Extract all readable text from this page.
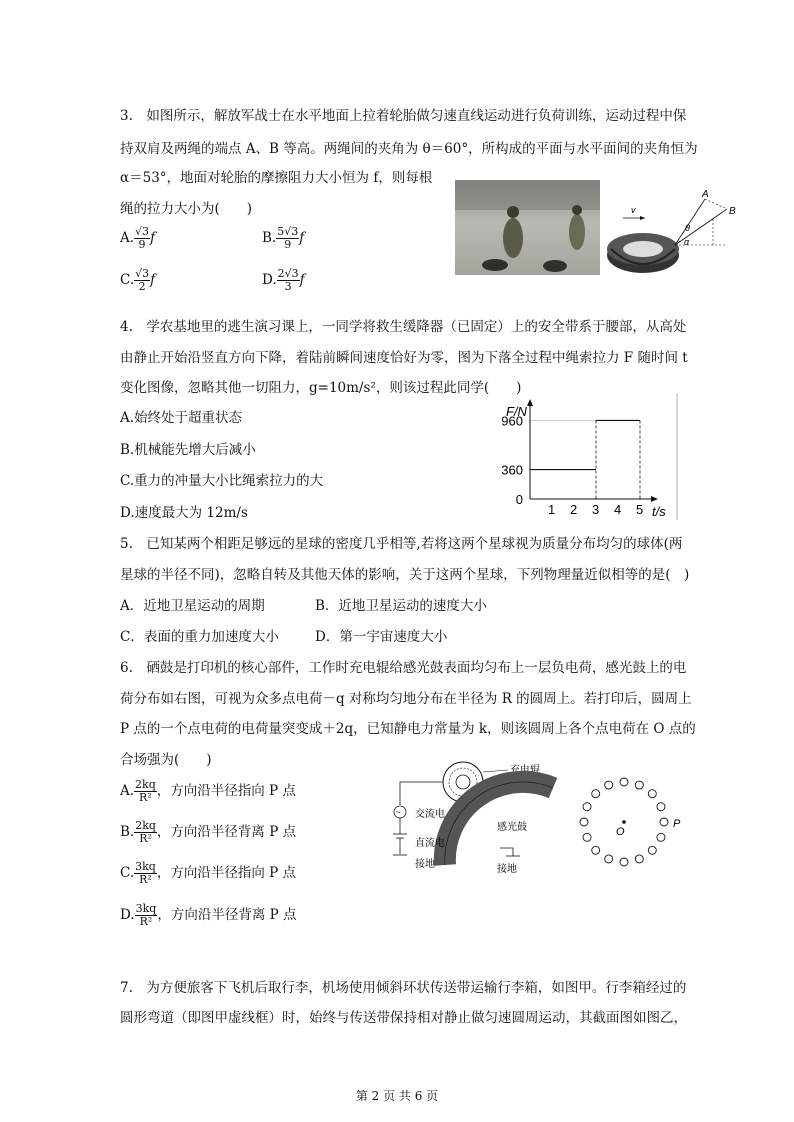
3.　如图所示，解放军战士在水平地面上拉着轮胎做匀速直线运动进行负荷训练，运动过程中保
持双肩及两绳的端点 A、B 等高。两绳间的夹角为 θ＝60°，所构成的平面与水平面间的夹角恒为
α＝53°，地面对轮胎的摩擦阻力大小恒为 f，则每根
绳的拉力大小为(　　)
A. $\frac{√3}{9}$ f	B. $\frac{5√3}{9}$ f
C. $\frac{√3}{2}$ f	D. $\frac{2√3}{3}$ f
v
A
B
θ
α
4.　学农基地里的逃生演习课上，一同学将救生缓降器（已固定）上的安全带系于腰部，从高处
由静止开始沿竖直方向下降，着陆前瞬间速度恰好为零，图为下落全过程中绳索拉力 F 随时间 t
变化图像，忽略其他一切阻力，g=10m/s²，则该过程此同学(　　)
A.始终处于超重状态
B.机械能先增大后减小
C.重力的冲量大小比绳索拉力的大
D.速度最大为 12m/s
F/N
t/s
1 2 3 4 5
0
360
960
5.　已知某两个相距足够远的星球的密度几乎相等,若将这两个星球视为质量分布均匀的球体(两
星球的半径不同)，忽略自转及其他天体的影响，关于这两个星球，下列物理量近似相等的是(　)
A．近地卫星运动的周期	B．近地卫星运动的速度大小
C．表面的重力加速度大小	D．第一宇宙速度大小
6.　硒鼓是打印机的核心部件，工作时充电辊给感光鼓表面均匀布上一层负电荷，感光鼓上的电
荷分布如右图，可视为众多点电荷－q 对称均匀地分布在半径为 R 的圆周上。若打印后，圆周上
P 点的一个点电荷的电荷量突变成＋2q，已知静电力常量为 k，则该圆周上各个点电荷在 O 点的
合场强为(　　)
A. $\frac{2kq}{\text{R²}}$ ，方向沿半径指向 P 点
B. $\frac{2kq}{\text{R²}}$ ，方向沿半径背离 P 点
C. $\frac{3kq}{\text{R²}}$ ，方向沿半径指向 P 点
D. $\frac{3kq}{\text{R²}}$ ，方向沿半径背离 P 点
充电辊
感光鼓
~ 交流电
直流电
接地	接地
O
P
7.　为方便旅客下飞机后取行李，机场使用倾斜环状传送带运输行李箱，如图甲。行李箱经过的
圆形弯道（即图甲虚线框）时，始终与传送带保持相对静止做匀速圆周运动，其截面图如图乙，
第 2 页 共 6 页
